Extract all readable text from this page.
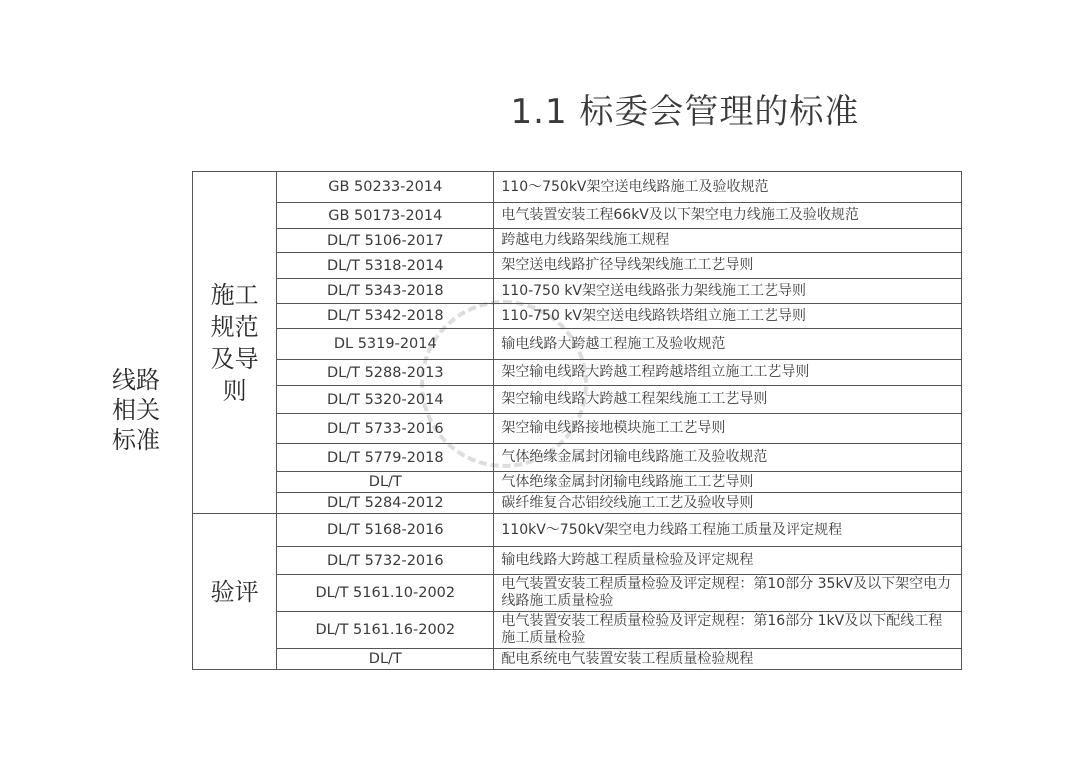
1.1 标委会管理的标准
线路相关标准
施工规范及导则	GB 50233-2014	110～750kV架空送电线路施工及验收规范
	GB 50173-2014	电气装置安装工程66kV及以下架空电力线施工及验收规范
	DL/T 5106-2017	跨越电力线路架线施工规程
	DL/T 5318-2014	架空送电线路扩径导线架线施工工艺导则
	DL/T 5343-2018	110-750 kV架空送电线路张力架线施工工艺导则
	DL/T 5342-2018	110-750 kV架空送电线路铁塔组立施工工艺导则
	DL 5319-2014	输电线路大跨越工程施工及验收规范
	DL/T 5288-2013	架空输电线路大跨越工程跨越塔组立施工工艺导则
	DL/T 5320-2014	架空输电线路大跨越工程架线施工工艺导则
	DL/T 5733-2016	架空输电线路接地模块施工工艺导则
	DL/T 5779-2018	气体绝缘金属封闭输电线路施工及验收规范
	DL/T	气体绝缘金属封闭输电线路施工工艺导则
	DL/T 5284-2012	碳纤维复合芯铝绞线施工工艺及验收导则
验评	DL/T 5168-2016	110kV～750kV架空电力线路工程施工质量及评定规程
	DL/T 5732-2016	输电线路大跨越工程质量检验及评定规程
	DL/T 5161.10-2002	电气装置安装工程质量检验及评定规程：第10部分 35kV及以下架空电力线路施工质量检验
	DL/T 5161.16-2002	电气装置安装工程质量检验及评定规程：第16部分 1kV及以下配线工程施工质量检验
	DL/T	配电系统电气装置安装工程质量检验规程
